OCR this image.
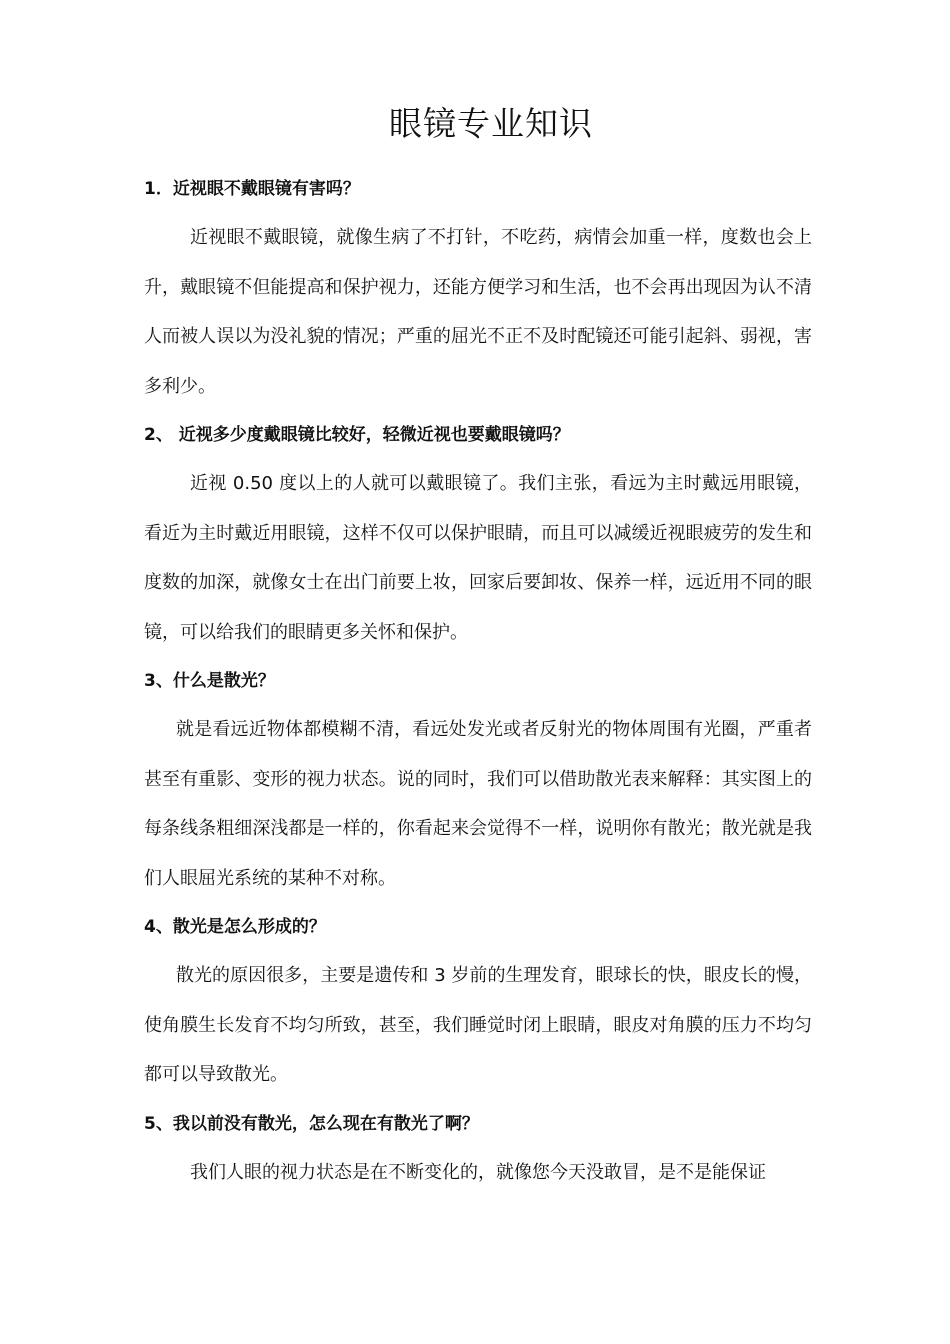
眼镜专业知识

1．近视眼不戴眼镜有害吗？

近视眼不戴眼镜，就像生病了不打针，不吃药，病情会加重一样，度数也会上升，戴眼镜不但能提高和保护视力，还能方便学习和生活，也不会再出现因为认不清人而被人误以为没礼貌的情况；严重的屈光不正不及时配镜还可能引起斜、弱视，害多利少。

2、 近视多少度戴眼镜比较好，轻微近视也要戴眼镜吗？

近视 0.50 度以上的人就可以戴眼镜了。我们主张，看远为主时戴远用眼镜，看近为主时戴近用眼镜，这样不仅可以保护眼睛，而且可以减缓近视眼疲劳的发生和度数的加深，就像女士在出门前要上妆，回家后要卸妆、保养一样，远近用不同的眼镜，可以给我们的眼睛更多关怀和保护。

3、什么是散光？

就是看远近物体都模糊不清，看远处发光或者反射光的物体周围有光圈，严重者甚至有重影、变形的视力状态。说的同时，我们可以借助散光表来解释：其实图上的每条线条粗细深浅都是一样的，你看起来会觉得不一样，说明你有散光；散光就是我们人眼屈光系统的某种不对称。

4、散光是怎么形成的？

散光的原因很多，主要是遗传和 3 岁前的生理发育，眼球长的快，眼皮长的慢，使角膜生长发育不均匀所致，甚至，我们睡觉时闭上眼睛，眼皮对角膜的压力不均匀都可以导致散光。

5、我以前没有散光，怎么现在有散光了啊？

我们人眼的视力状态是在不断变化的，就像您今天没敢冒，是不是能保证
